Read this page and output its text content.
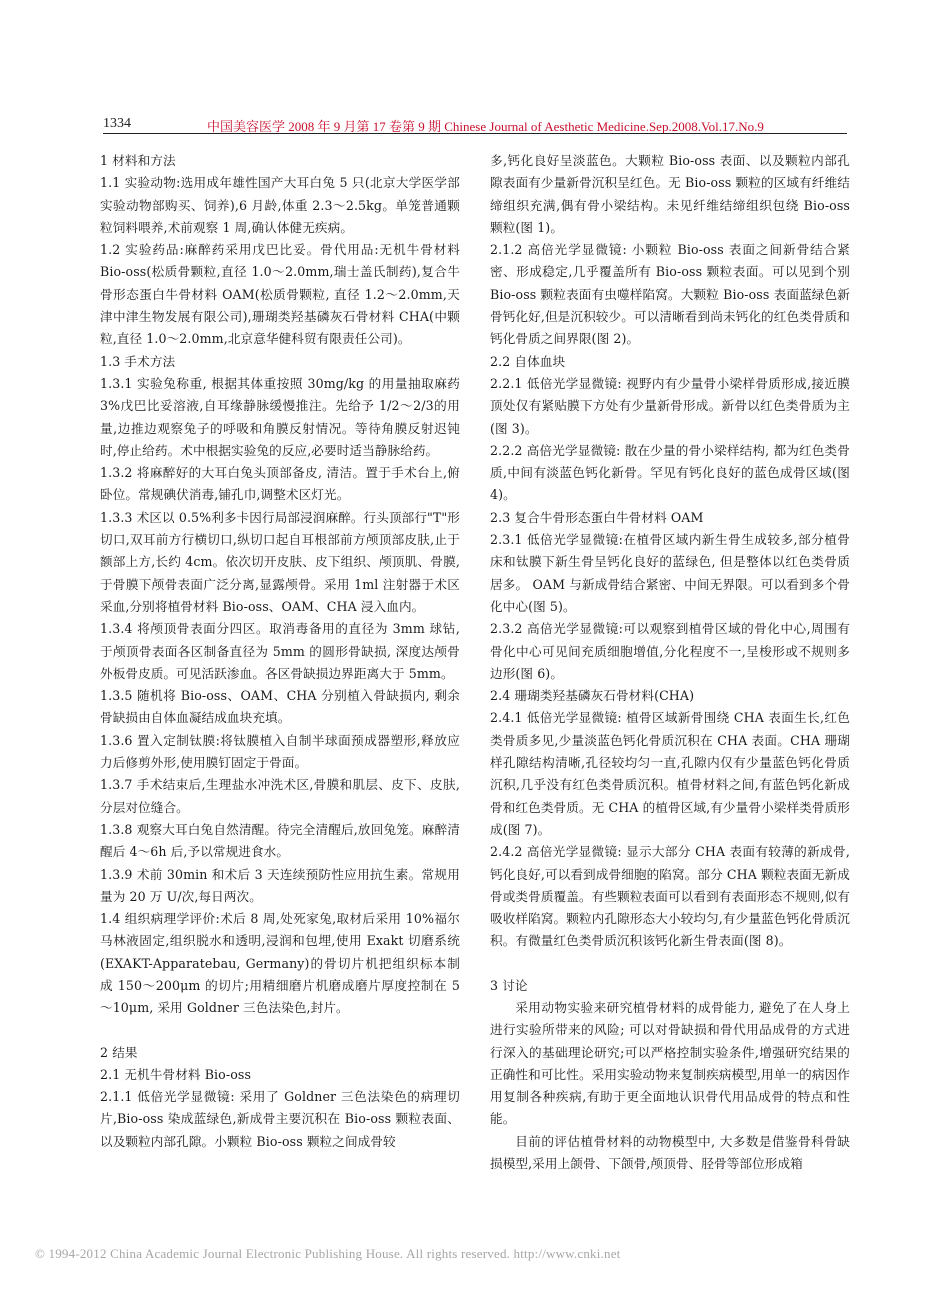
1334	中国美容医学 2008 年 9 月第 17 卷第 9 期 Chinese Journal of Aesthetic Medicine.Sep.2008.Vol.17.No.9

1 材料和方法

1.1 实验动物:选用成年雄性国产大耳白兔 5 只(北京大学医学部实验动物部购买、饲养),6 月龄,体重 2.3～2.5kg。单笼普通颗粒饲料喂养,术前观察 1 周,确认体健无疾病。

1.2 实验药品:麻醉药采用戊巴比妥。骨代用品:无机牛骨材料 Bio-oss(松质骨颗粒,直径 1.0～2.0mm,瑞士盖氏制药),复合牛骨形态蛋白牛骨材料 OAM(松质骨颗粒, 直径 1.2～2.0mm,天津中津生物发展有限公司),珊瑚类羟基磷灰石骨材料 CHA(中颗粒,直径 1.0～2.0mm,北京意华健科贸有限责任公司)。

1.3 手术方法

1.3.1 实验兔称重, 根据其体重按照 30mg/kg 的用量抽取麻药 3%戊巴比妥溶液,自耳缘静脉缓慢推注。先给予 1/2～2/3的用量,边推边观察兔子的呼吸和角膜反射情况。等待角膜反射迟钝时,停止给药。术中根据实验兔的反应,必要时适当静脉给药。

1.3.2 将麻醉好的大耳白兔头顶部备皮, 清洁。置于手术台上,俯卧位。常规碘伏消毒,铺孔巾,调整术区灯光。

1.3.3 术区以 0.5%利多卡因行局部浸润麻醉。行头顶部行"T"形切口,双耳前方行横切口,纵切口起自耳根部前方颅顶部皮肤,止于额部上方,长约 4cm。依次切开皮肤、皮下组织、颅顶肌、骨膜,于骨膜下颅骨表面广泛分离,显露颅骨。采用 1ml 注射器于术区采血,分别将植骨材料 Bio-oss、OAM、CHA 浸入血内。

1.3.4 将颅顶骨表面分四区。取消毒备用的直径为 3mm 球钻,于颅顶骨表面各区制备直径为 5mm 的圆形骨缺损, 深度达颅骨外板骨皮质。可见活跃渗血。各区骨缺损边界距离大于 5mm。

1.3.5 随机将 Bio-oss、OAM、CHA 分别植入骨缺损内, 剩余骨缺损由自体血凝结成血块充填。

1.3.6 置入定制钛膜:将钛膜植入自制半球面预成器塑形,释放应力后修剪外形,使用膜钉固定于骨面。

1.3.7 手术结束后,生理盐水冲洗术区,骨膜和肌层、皮下、皮肤,分层对位缝合。

1.3.8 观察大耳白兔自然清醒。待完全清醒后,放回兔笼。麻醉清醒后 4～6h 后,予以常规进食水。

1.3.9 术前 30min 和术后 3 天连续预防性应用抗生素。常规用量为 20 万 U/次,每日两次。

1.4 组织病理学评价:术后 8 周,处死家兔,取材后采用 10%福尔马林液固定,组织脱水和透明,浸润和包埋,使用 Exakt 切磨系统(EXAKT-Apparatebau, Germany)的骨切片机把组织标本制成 150～200μm 的切片;用精细磨片机磨成磨片厚度控制在 5～10μm, 采用 Goldner 三色法染色,封片。

2 结果

2.1 无机牛骨材料 Bio-oss

2.1.1 低倍光学显微镜: 采用了 Goldner 三色法染色的病理切片,Bio-oss 染成蓝绿色,新成骨主要沉积在 Bio-oss 颗粒表面、以及颗粒内部孔隙。小颗粒 Bio-oss 颗粒之间成骨较

多,钙化良好呈淡蓝色。大颗粒 Bio-oss 表面、以及颗粒内部孔隙表面有少量新骨沉积呈红色。无 Bio-oss 颗粒的区域有纤维结缔组织充满,偶有骨小梁结构。未见纤维结缔组织包绕 Bio-oss 颗粒(图 1)。

2.1.2 高倍光学显微镜: 小颗粒 Bio-oss 表面之间新骨结合紧密、形成稳定,几乎覆盖所有 Bio-oss 颗粒表面。可以见到个别 Bio-oss 颗粒表面有虫噬样陷窝。大颗粒 Bio-oss 表面蓝绿色新骨钙化好,但是沉积较少。可以清晰看到尚未钙化的红色类骨质和钙化骨质之间界限(图 2)。

2.2 自体血块

2.2.1 低倍光学显微镜: 视野内有少量骨小梁样骨质形成,接近膜顶处仅有紧贴膜下方处有少量新骨形成。新骨以红色类骨质为主(图 3)。

2.2.2 高倍光学显微镜: 散在少量的骨小梁样结构, 都为红色类骨质,中间有淡蓝色钙化新骨。罕见有钙化良好的蓝色成骨区域(图 4)。

2.3 复合牛骨形态蛋白牛骨材料 OAM

2.3.1 低倍光学显微镜:在植骨区域内新生骨生成较多,部分植骨床和钛膜下新生骨呈钙化良好的蓝绿色, 但是整体以红色类骨质居多。 OAM 与新成骨结合紧密、中间无界限。可以看到多个骨化中心(图 5)。

2.3.2 高倍光学显微镜:可以观察到植骨区域的骨化中心,周围有骨化中心可见间充质细胞增值,分化程度不一,呈梭形或不规则多边形(图 6)。

2.4 珊瑚类羟基磷灰石骨材料(CHA)

2.4.1 低倍光学显微镜: 植骨区域新骨围绕 CHA 表面生长,红色类骨质多见,少量淡蓝色钙化骨质沉积在 CHA 表面。CHA 珊瑚样孔隙结构清晰,孔径较均匀一直,孔隙内仅有少量蓝色钙化骨质沉积,几乎没有红色类骨质沉积。植骨材料之间,有蓝色钙化新成骨和红色类骨质。无 CHA 的植骨区域,有少量骨小梁样类骨质形成(图 7)。

2.4.2 高倍光学显微镜: 显示大部分 CHA 表面有较薄的新成骨,钙化良好,可以看到成骨细胞的陷窝。部分 CHA 颗粒表面无新成骨或类骨质覆盖。有些颗粒表面可以看到有表面形态不规则,似有吸收样陷窝。颗粒内孔隙形态大小较均匀,有少量蓝色钙化骨质沉积。有微量红色类骨质沉积该钙化新生骨表面(图 8)。

3 讨论

采用动物实验来研究植骨材料的成骨能力, 避免了在人身上进行实验所带来的风险; 可以对骨缺损和骨代用品成骨的方式进行深入的基础理论研究;可以严格控制实验条件,增强研究结果的正确性和可比性。采用实验动物来复制疾病模型,用单一的病因作用复制各种疾病,有助于更全面地认识骨代用品成骨的特点和性能。

目前的评估植骨材料的动物模型中, 大多数是借鉴骨科骨缺损模型,采用上颌骨、下颌骨,颅顶骨、胫骨等部位形成箱

© 1994-2012 China Academic Journal Electronic Publishing House. All rights reserved. http://www.cnki.net
